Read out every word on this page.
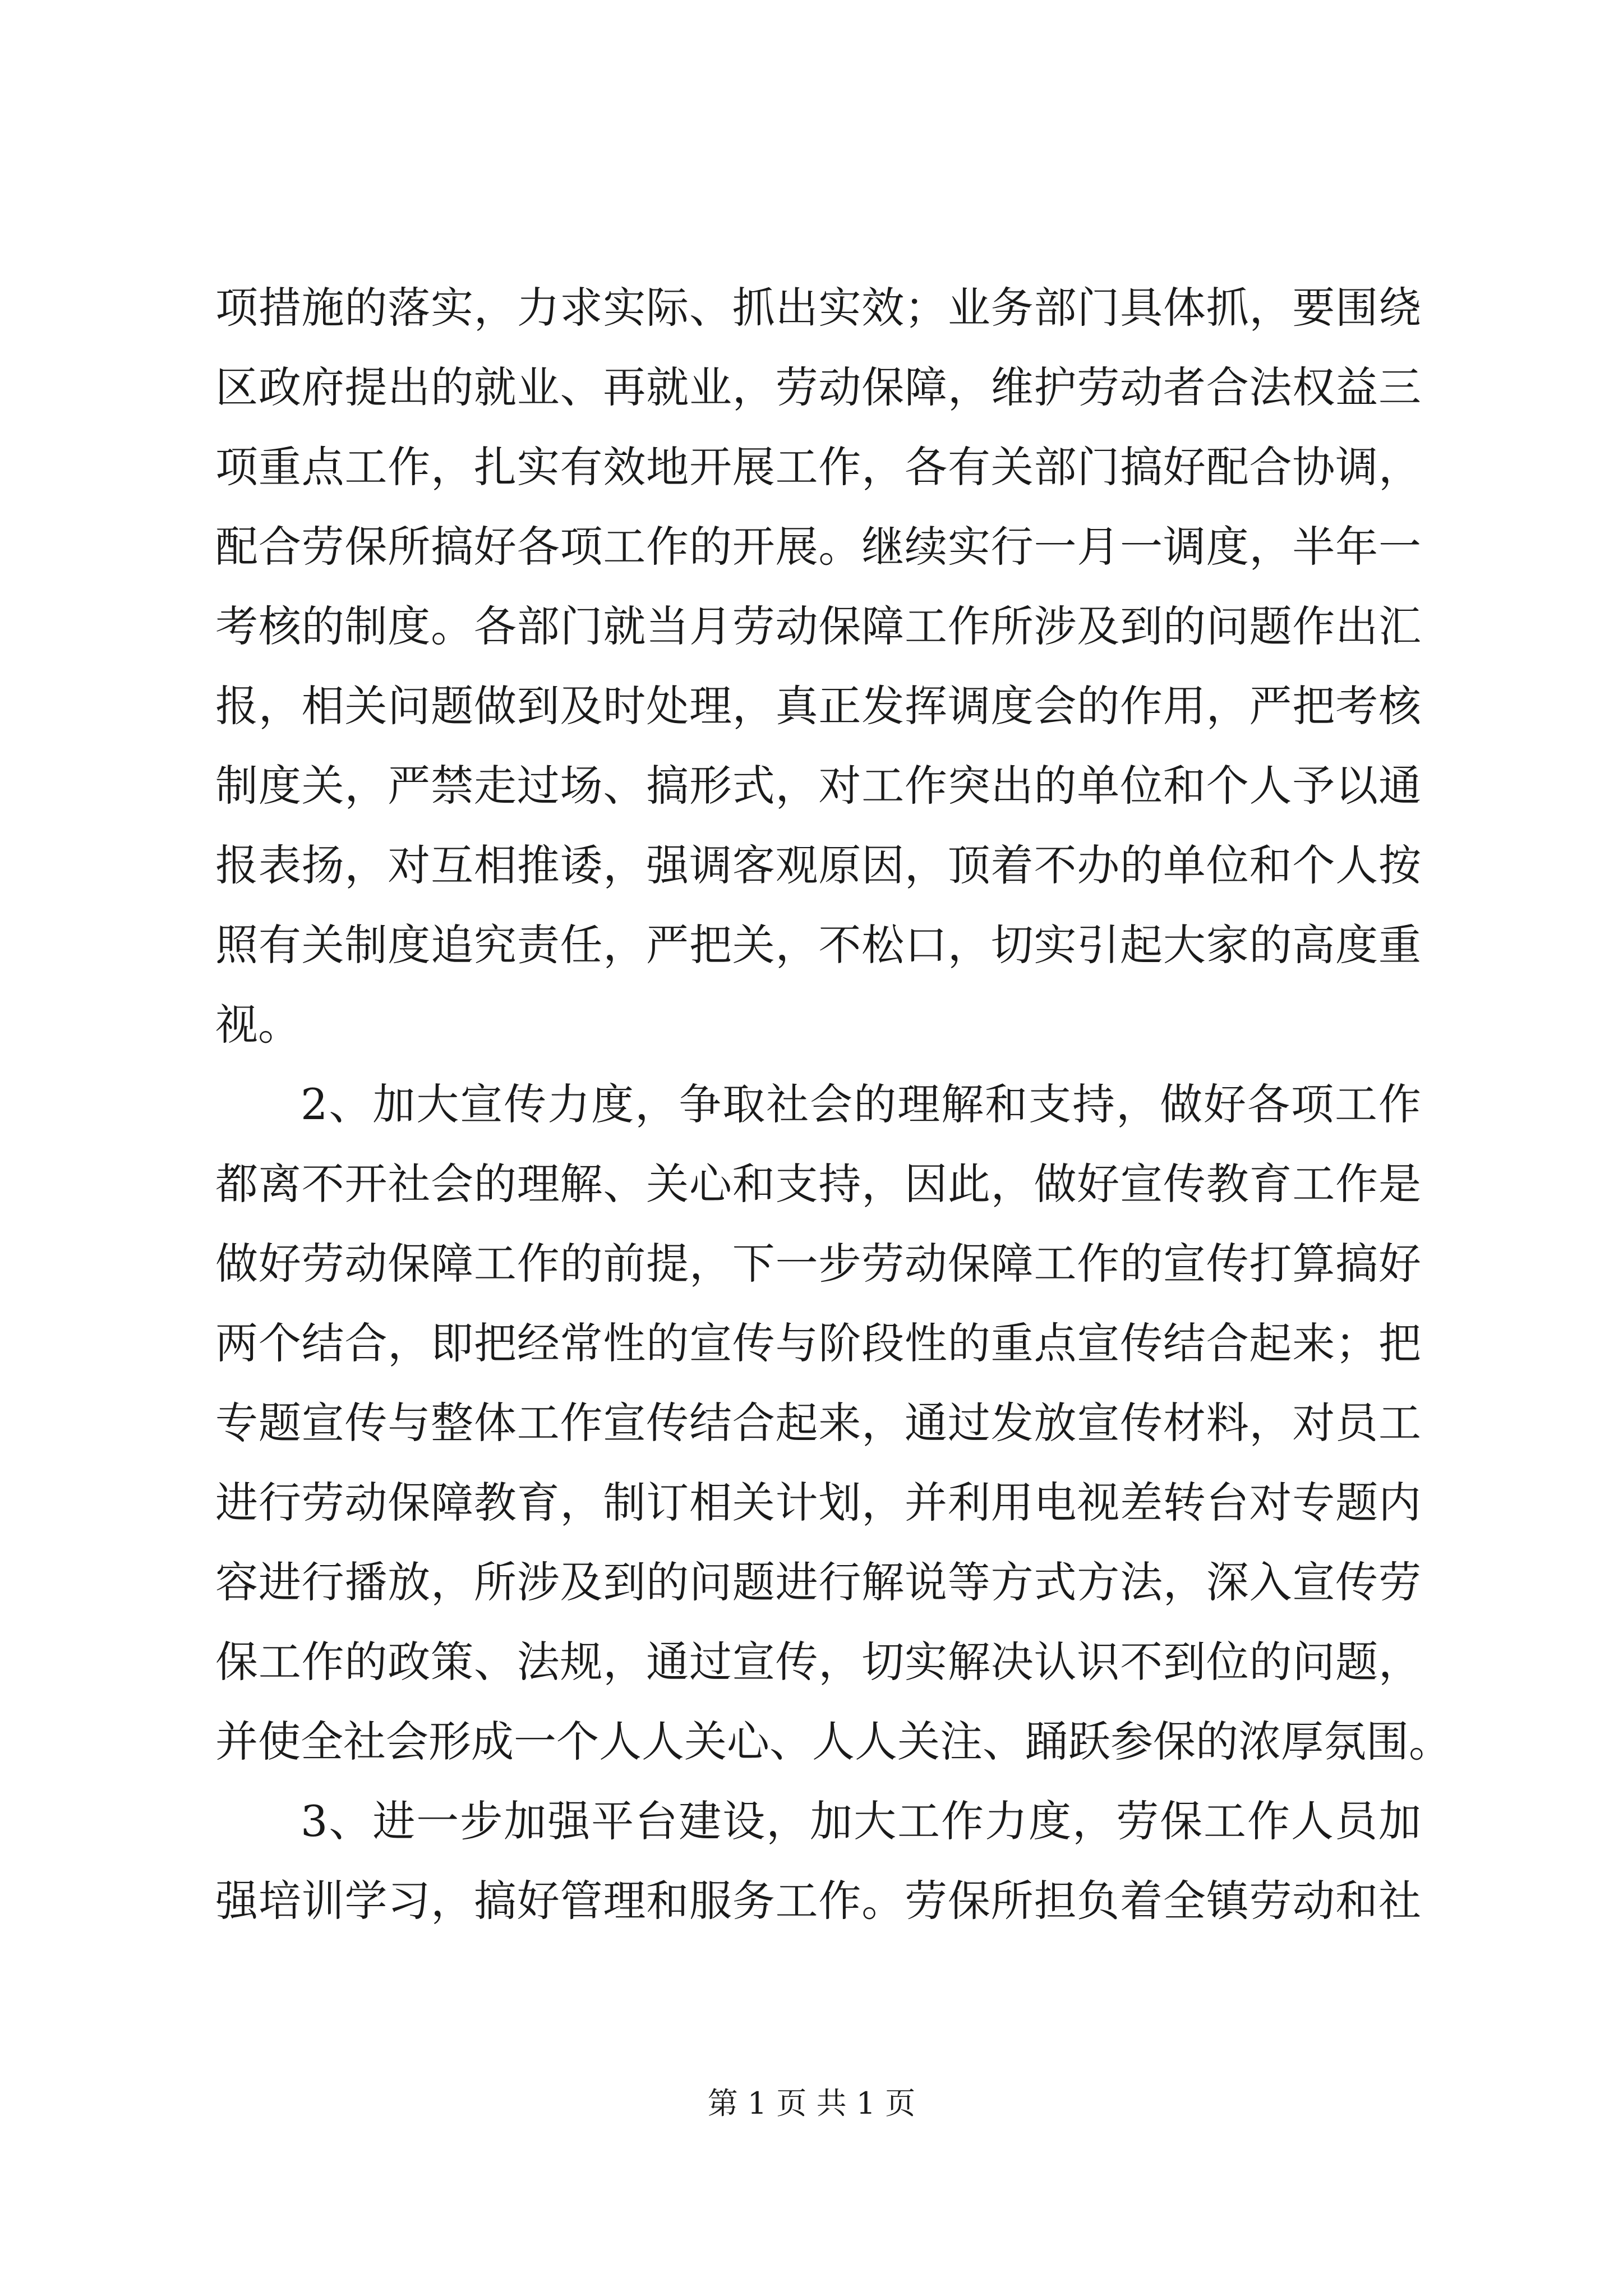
项措施的落实，力求实际、抓出实效；业务部门具体抓，要围绕
区政府提出的就业、再就业，劳动保障，维护劳动者合法权益三
项重点工作，扎实有效地开展工作，各有关部门搞好配合协调，
配合劳保所搞好各项工作的开展。继续实行一月一调度，半年一
考核的制度。各部门就当月劳动保障工作所涉及到的问题作出汇
报，相关问题做到及时处理，真正发挥调度会的作用，严把考核
制度关，严禁走过场、搞形式，对工作突出的单位和个人予以通
报表扬，对互相推诿，强调客观原因，顶着不办的单位和个人按
照有关制度追究责任，严把关，不松口，切实引起大家的高度重
视。
2、加大宣传力度，争取社会的理解和支持，做好各项工作
都离不开社会的理解、关心和支持，因此，做好宣传教育工作是
做好劳动保障工作的前提，下一步劳动保障工作的宣传打算搞好
两个结合，即把经常性的宣传与阶段性的重点宣传结合起来；把
专题宣传与整体工作宣传结合起来，通过发放宣传材料，对员工
进行劳动保障教育，制订相关计划，并利用电视差转台对专题内
容进行播放，所涉及到的问题进行解说等方式方法，深入宣传劳
保工作的政策、法规，通过宣传，切实解决认识不到位的问题，
并使全社会形成一个人人关心、人人关注、踊跃参保的浓厚氛围。
3、进一步加强平台建设，加大工作力度，劳保工作人员加
强培训学习，搞好管理和服务工作。劳保所担负着全镇劳动和社
第 1 页 共 1 页
